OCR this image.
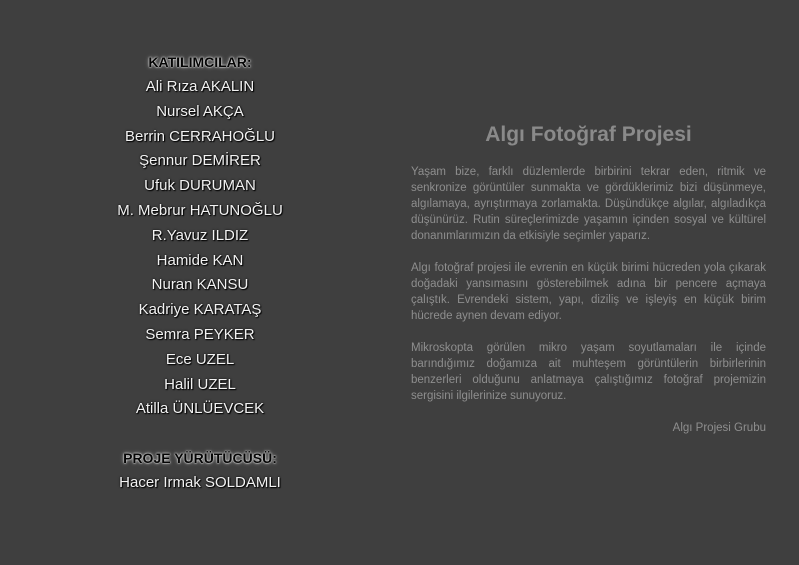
KATILIMCILAR:
Ali Rıza AKALIN
Nursel AKÇA
Berrin CERRAHOĞLU
Şennur DEMİRER
Ufuk DURUMAN
M. Mebrur HATUNOĞLU
R.Yavuz ILDIZ
Hamide KAN
Nuran KANSU
Kadriye KARATAŞ
Semra PEYKER
Ece UZEL
Halil UZEL
Atilla ÜNLÜEVCEK
PROJE YÜRÜTÜCÜSÜ:
Hacer Irmak SOLDAMLI
Algı Fotoğraf Projesi

Yaşam bize, farklı düzlemlerde birbirini tekrar eden, ritmik ve senkronize görüntüler sunmakta ve gördüklerimiz bizi düşünmeye, algılamaya, ayrıştırmaya zorlamakta. Düşündükçe algılar, algıladıkça düşünürüz. Rutin süreçlerimizde yaşamın içinden sosyal ve kültürel donanımlarımızın da etkisiyle seçimler yaparız.

Algı fotoğraf projesi ile evrenin en küçük birimi hücreden yola çıkarak doğadaki yansımasını gösterebilmek adına bir pencere açmaya çalıştık. Evrendeki sistem, yapı, diziliş ve işleyiş en küçük birim hücrede aynen devam ediyor.

Mikroskopta görülen mikro yaşam soyutlamaları ile içinde barındığımız doğamıza ait muhteşem görüntülerin birbirlerinin benzerleri olduğunu anlatmaya çalıştığımız fotoğraf projemizin sergisini ilgilerinize sunuyoruz.

Algı Projesi Grubu
